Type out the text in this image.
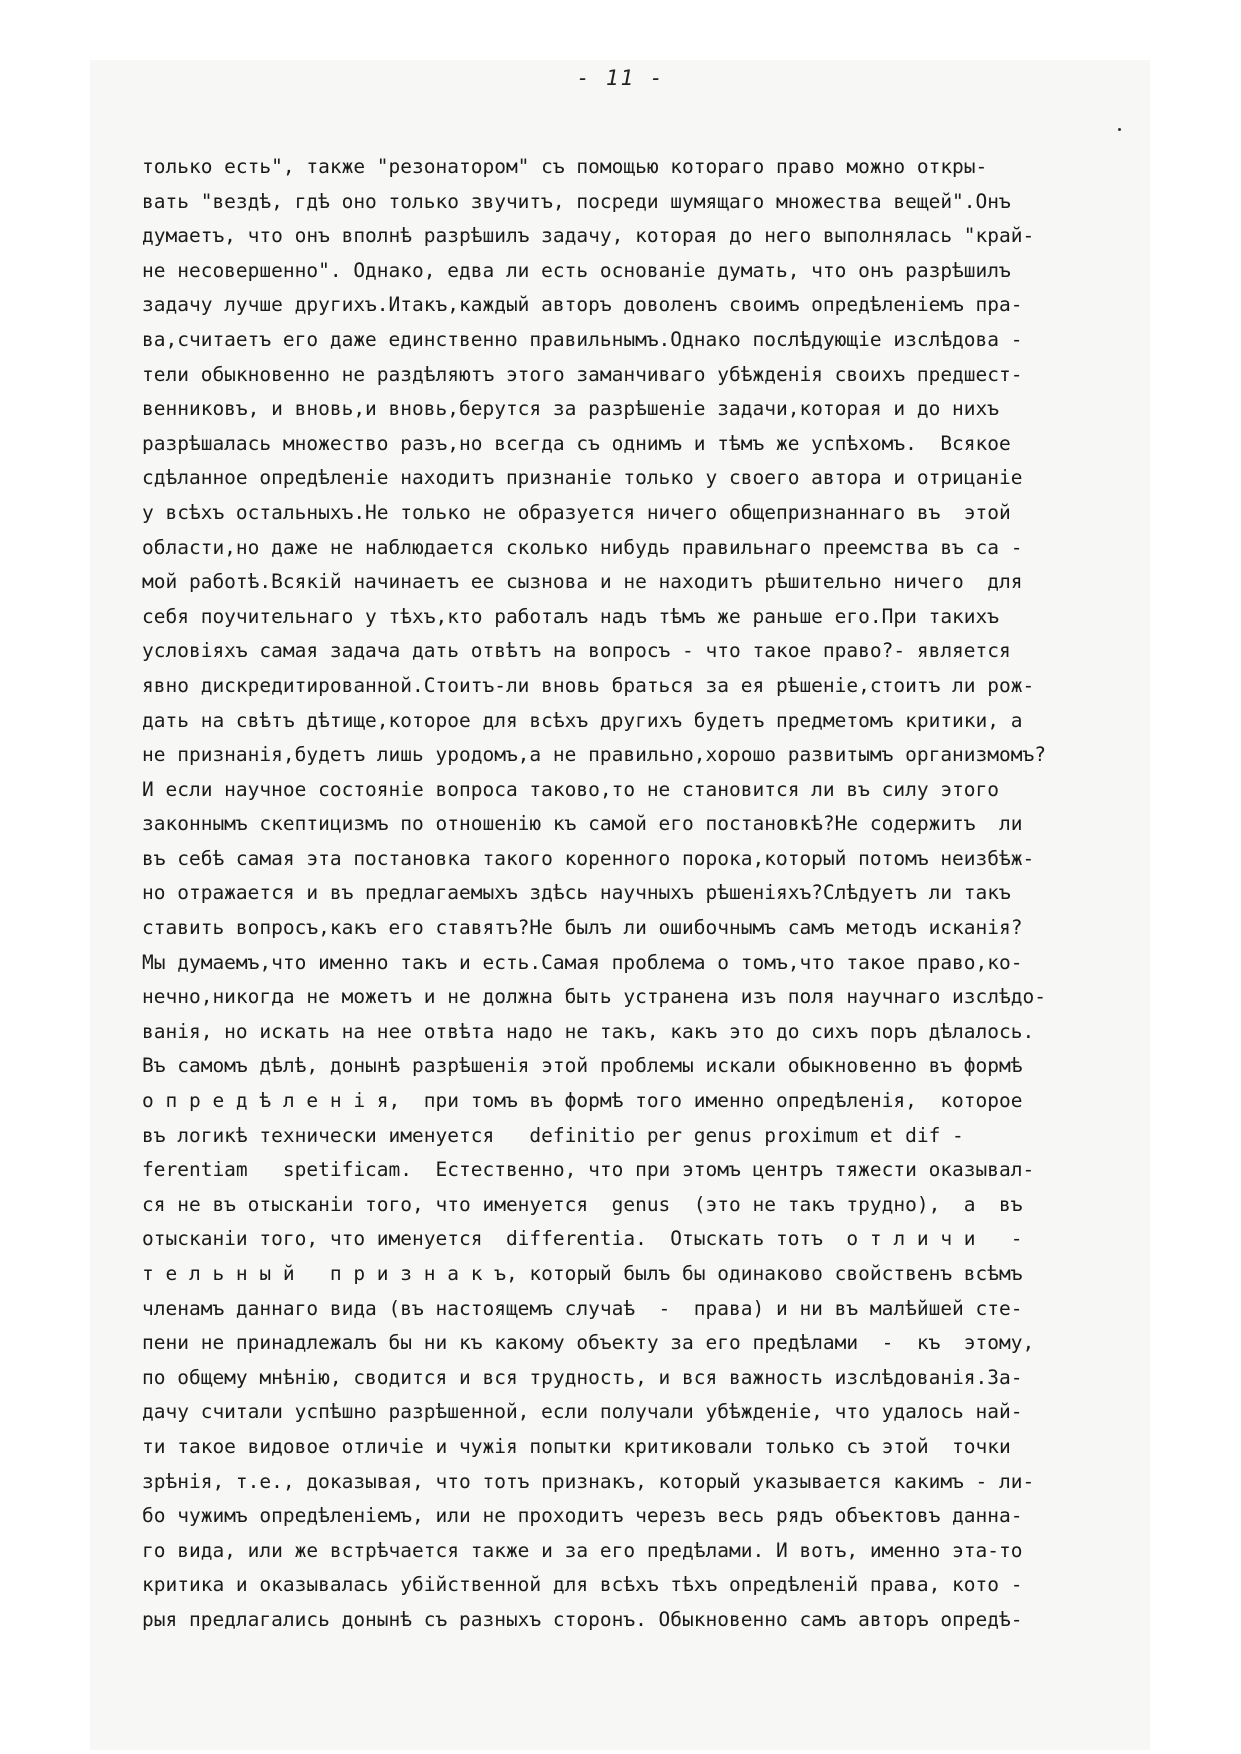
- 11 -
только есть", также "резонатором" съ помощью котораго право можно откры-
вать "вездѣ, гдѣ оно только звучитъ, посреди шумящаго множества вещей".Онъ
думаетъ, что онъ вполнѣ разрѣшилъ задачу, которая до него выполнялась "край-
не несовершенно". Однако, едва ли есть основаніе думать, что онъ разрѣшилъ
задачу лучше другихъ.Итакъ,каждый авторъ доволенъ своимъ опредѣленіемъ пра-
ва,считаетъ его даже единственно правильнымъ.Однако послѣдующіе изслѣдова -
тели обыкновенно не раздѣляютъ этого заманчиваго убѣжденія своихъ предшест-
венниковъ, и вновь,и вновь,берутся за разрѣшеніе задачи,которая и до нихъ
разрѣшалась множество разъ,но всегда съ однимъ и тѣмъ же успѣхомъ.  Всякое
сдѣланное опредѣленіе находитъ признаніе только у своего автора и отрицаніе
у всѣхъ остальныхъ.Не только не образуется ничего общепризнаннаго въ  этой
области,но даже не наблюдается сколько нибудь правильнаго преемства въ са -
мой работѣ.Всякій начинаетъ ее сызнова и не находитъ рѣшительно ничего  для
себя поучительнаго у тѣхъ,кто работалъ надъ тѣмъ же раньше его.При такихъ
условіяхъ самая задача дать отвѣтъ на вопросъ - что такое право?- является
явно дискредитированной.Стоитъ-ли вновь браться за ея рѣшеніе,стоитъ ли рож-
дать на свѣтъ дѣтище,которое для всѣхъ другихъ будетъ предметомъ критики, а
не признанія,будетъ лишь уродомъ,а не правильно,хорошо развитымъ организмомъ?
И если научное состояніе вопроса таково,то не становится ли въ силу этого
законнымъ скептицизмъ по отношенію къ самой его постановкѣ?Не содержитъ  ли
въ себѣ самая эта постановка такого коренного порока,который потомъ неизбѣж-
но отражается и въ предлагаемыхъ здѣсь научныхъ рѣшеніяхъ?Слѣдуетъ ли такъ
ставить вопросъ,какъ его ставятъ?Не былъ ли ошибочнымъ самъ методъ исканія?
Мы думаемъ,что именно такъ и есть.Самая проблема о томъ,что такое право,ко-
нечно,никогда не можетъ и не должна быть устранена изъ поля научнаго изслѣдо-
ванія, но искать на нее отвѣта надо не такъ, какъ это до сихъ поръ дѣлалось.
Въ самомъ дѣлѣ, донынѣ разрѣшенія этой проблемы искали обыкновенно въ формѣ
о п р е д ѣ л е н і я,  при томъ въ формѣ того именно опредѣленія,  которое
въ логикѣ технически именуется   definitio per genus proximum et dif -
ferentiam   spetificam.  Естественно, что при этомъ центръ тяжести оказывал-
ся не въ отысканіи того, что именуется  genus  (это не такъ трудно),  а  въ
отысканіи того, что именуется  differentia.  Отыскать тотъ  о т л и ч и   -
т е л ь н ы й   п р и з н а к ъ, который былъ бы одинаково свойственъ всѣмъ
членамъ даннаго вида (въ настоящемъ случаѣ  -  права) и ни въ малѣйшей сте-
пени не принадлежалъ бы ни къ какому объекту за его предѣлами  -  къ  этому,
по общему мнѣнію, сводится и вся трудность, и вся важность изслѣдованія.За-
дачу считали успѣшно разрѣшенной, если получали убѣжденіе, что удалось най-
ти такое видовое отличіе и чужія попытки критиковали только съ этой  точки
зрѣнія, т.е., доказывая, что тотъ признакъ, который указывается какимъ - ли-
бо чужимъ опредѣленіемъ, или не проходитъ черезъ весь рядъ объектовъ данна-
го вида, или же встрѣчается также и за его предѣлами. И вотъ, именно эта-то
критика и оказывалась убійственной для всѣхъ тѣхъ опредѣленій права, кото -
рыя предлагались донынѣ съ разныхъ сторонъ. Обыкновенно самъ авторъ опредѣ-
